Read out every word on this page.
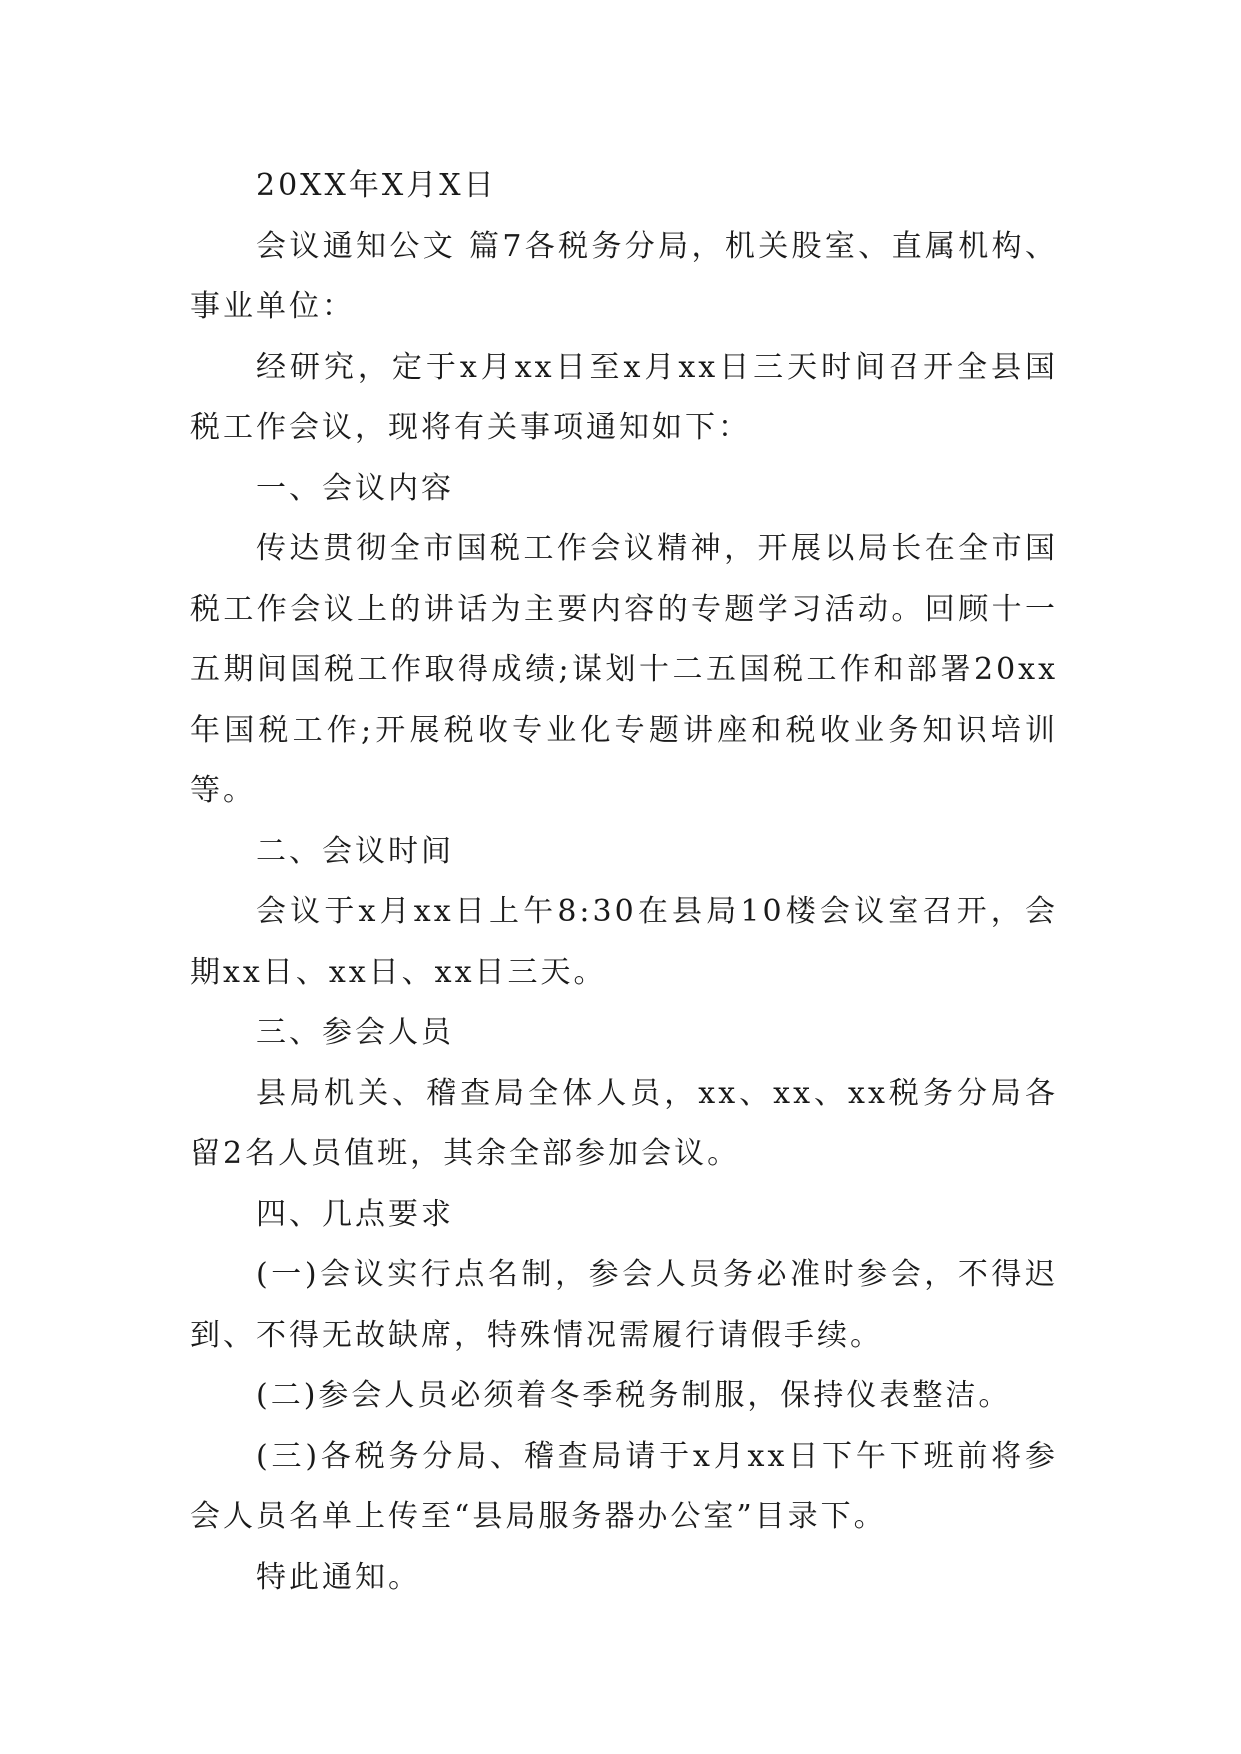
20XX年X月X日

会议通知公文 篇7各税务分局，机关股室、直属机构、事业单位：

经研究，定于x月xx日至x月xx日三天时间召开全县国税工作会议，现将有关事项通知如下：

一、会议内容

传达贯彻全市国税工作会议精神，开展以局长在全市国税工作会议上的讲话为主要内容的专题学习活动。回顾十一五期间国税工作取得成绩;谋划十二五国税工作和部署20xx年国税工作;开展税收专业化专题讲座和税收业务知识培训等。

二、会议时间

会议于x月xx日上午8:30在县局10楼会议室召开，会期xx日、xx日、xx日三天。

三、参会人员

县局机关、稽查局全体人员，xx、xx、xx税务分局各留2名人员值班，其余全部参加会议。

四、几点要求

(一)会议实行点名制，参会人员务必准时参会，不得迟到、不得无故缺席，特殊情况需履行请假手续。

(二)参会人员必须着冬季税务制服，保持仪表整洁。

(三)各税务分局、稽查局请于x月xx日下午下班前将参会人员名单上传至“县局服务器办公室”目录下。

特此通知。
